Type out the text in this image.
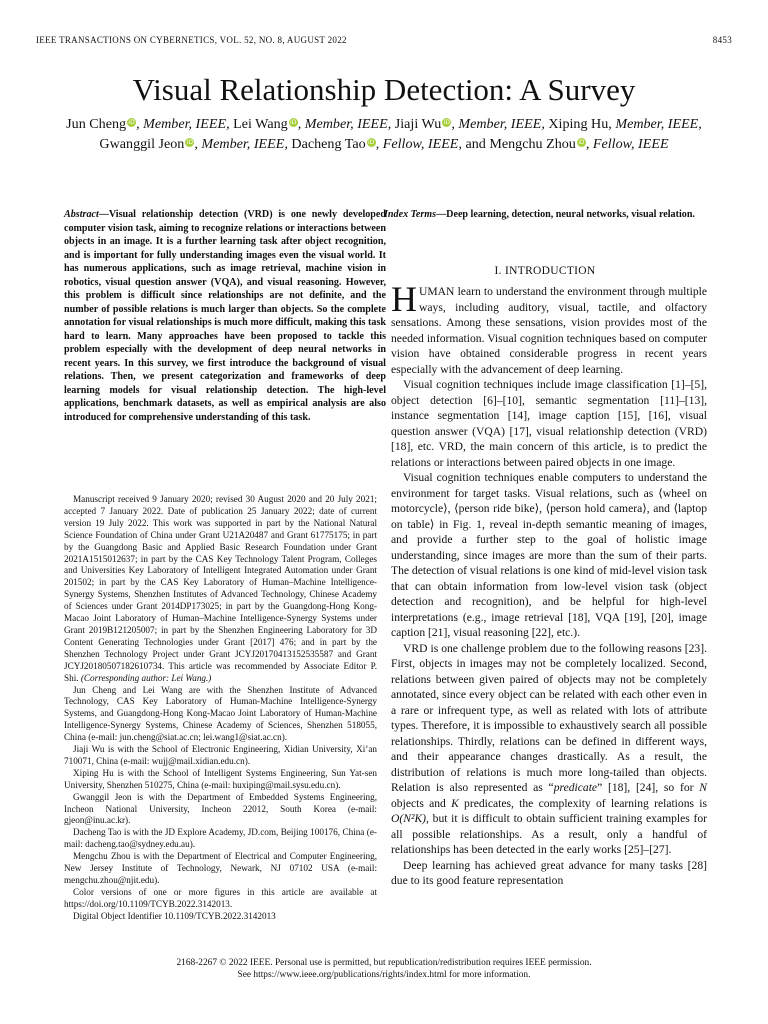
IEEE TRANSACTIONS ON CYBERNETICS, VOL. 52, NO. 8, AUGUST 2022	8453
Visual Relationship Detection: A Survey
Jun Cheng iD, Member, IEEE, Lei Wang iD, Member, IEEE, Jiaji Wu iD, Member, IEEE, Xiping Hu, Member, IEEE,
Gwanggil Jeon iD, Member, IEEE, Dacheng Tao iD, Fellow, IEEE, and Mengchu Zhou iD, Fellow, IEEE

Abstract—Visual relationship detection (VRD) is one newly developed computer vision task, aiming to recognize relations or interactions between objects in an image. It is a further learning task after object recognition, and is important for fully understanding images even the visual world. It has numerous applications, such as image retrieval, machine vision in robotics, visual question answer (VQA), and visual reasoning. However, this problem is difficult since relationships are not definite, and the number of possible relations is much larger than objects. So the complete annotation for visual relationships is much more difficult, making this task hard to learn. Many approaches have been proposed to tackle this problem especially with the development of deep neural networks in recent years. In this survey, we first introduce the background of visual relations. Then, we present categorization and frameworks of deep learning models for visual relationship detection. The high-level applications, benchmark datasets, as well as empirical analysis are also introduced for comprehensive understanding of this task.

Index Terms—Deep learning, detection, neural networks, visual relation.

Manuscript received 9 January 2020; revised 30 August 2020 and 20 July 2021; accepted 7 January 2022. Date of publication 25 January 2022; date of current version 19 July 2022. This work was supported in part by the National Natural Science Foundation of China under Grant U21A20487 and Grant 61775175; in part by the Guangdong Basic and Applied Basic Research Foundation under Grant 2021A1515012637; in part by the CAS Key Technology Talent Program, Colleges and Universities Key Laboratory of Intelligent Integrated Automation under Grant 201502; in part by the CAS Key Laboratory of Human–Machine Intelligence-Synergy Systems, Shenzhen Institutes of Advanced Technology, Chinese Academy of Sciences under Grant 2014DP173025; in part by the Guangdong-Hong Kong-Macao Joint Laboratory of Human–Machine Intelligence-Synergy Systems under Grant 2019B121205007; in part by the Shenzhen Engineering Laboratory for 3D Content Generating Technologies under Grant [2017] 476; and in part by the Shenzhen Technology Project under Grant JCYJ20170413152535587 and Grant JCYJ20180507182610734. This article was recommended by Associate Editor P. Shi. (Corresponding author: Lei Wang.)

Jun Cheng and Lei Wang are with the Shenzhen Institute of Advanced Technology, CAS Key Laboratory of Human-Machine Intelligence-Synergy Systems, and Guangdong-Hong Kong-Macao Joint Laboratory of Human-Machine Intelligence-Synergy Systems, Chinese Academy of Sciences, Shenzhen 518055, China (e-mail: jun.cheng@siat.ac.cn; lei.wang1@siat.ac.cn).

Jiaji Wu is with the School of Electronic Engineering, Xidian University, Xi’an 710071, China (e-mail: wujj@mail.xidian.edu.cn).

Xiping Hu is with the School of Intelligent Systems Engineering, Sun Yat-sen University, Shenzhen 510275, China (e-mail: huxiping@mail.sysu.edu.cn).

Gwanggil Jeon is with the Department of Embedded Systems Engineering, Incheon National University, Incheon 22012, South Korea (e-mail: gjeon@inu.ac.kr).

Dacheng Tao is with the JD Explore Academy, JD.com, Beijing 100176, China (e-mail: dacheng.tao@sydney.edu.au).

Mengchu Zhou is with the Department of Electrical and Computer Engineering, New Jersey Institute of Technology, Newark, NJ 07102 USA (e-mail: mengchu.zhou@njit.edu).

Color versions of one or more figures in this article are available at https://doi.org/10.1109/TCYB.2022.3142013.

Digital Object Identifier 10.1109/TCYB.2022.3142013

I. INTRODUCTION

HUMAN learn to understand the environment through multiple ways, including auditory, visual, tactile, and olfactory sensations. Among these sensations, vision provides most of the needed information. Visual cognition techniques based on computer vision have obtained considerable progress in recent years especially with the advancement of deep learning.

Visual cognition techniques include image classification [1]–[5], object detection [6]–[10], semantic segmentation [11]–[13], instance segmentation [14], image caption [15], [16], visual question answer (VQA) [17], visual relationship detection (VRD) [18], etc. VRD, the main concern of this article, is to predict the relations or interactions between paired objects in one image.

Visual cognition techniques enable computers to understand the environment for target tasks. Visual relations, such as ⟨wheel on motorcycle⟩, ⟨person ride bike⟩, ⟨person hold camera⟩, and ⟨laptop on table⟩ in Fig. 1, reveal in-depth semantic meaning of images, and provide a further step to the goal of holistic image understanding, since images are more than the sum of their parts. The detection of visual relations is one kind of mid-level vision task that can obtain information from low-level vision task (object detection and recognition), and be helpful for high-level interpretations (e.g., image retrieval [18], VQA [19], [20], image caption [21], visual reasoning [22], etc.).

VRD is one challenge problem due to the following reasons [23]. First, objects in images may not be completely localized. Second, relations between given paired of objects may not be completely annotated, since every object can be related with each other even in a rare or infrequent type, as well as related with lots of attribute types. Therefore, it is impossible to exhaustively search all possible relationships. Thirdly, relations can be defined in different ways, and their appearance changes drastically. As a result, the distribution of relations is much more long-tailed than objects. Relation is also represented as “predicate” [18], [24], so for N objects and K predicates, the complexity of learning relations is O(N²K), but it is difficult to obtain sufficient training examples for all possible relationships. As a result, only a handful of relationships has been detected in the early works [25]–[27].

Deep learning has achieved great advance for many tasks [28] due to its good feature representation

2168-2267 © 2022 IEEE. Personal use is permitted, but republication/redistribution requires IEEE permission.
See https://www.ieee.org/publications/rights/index.html for more information.
